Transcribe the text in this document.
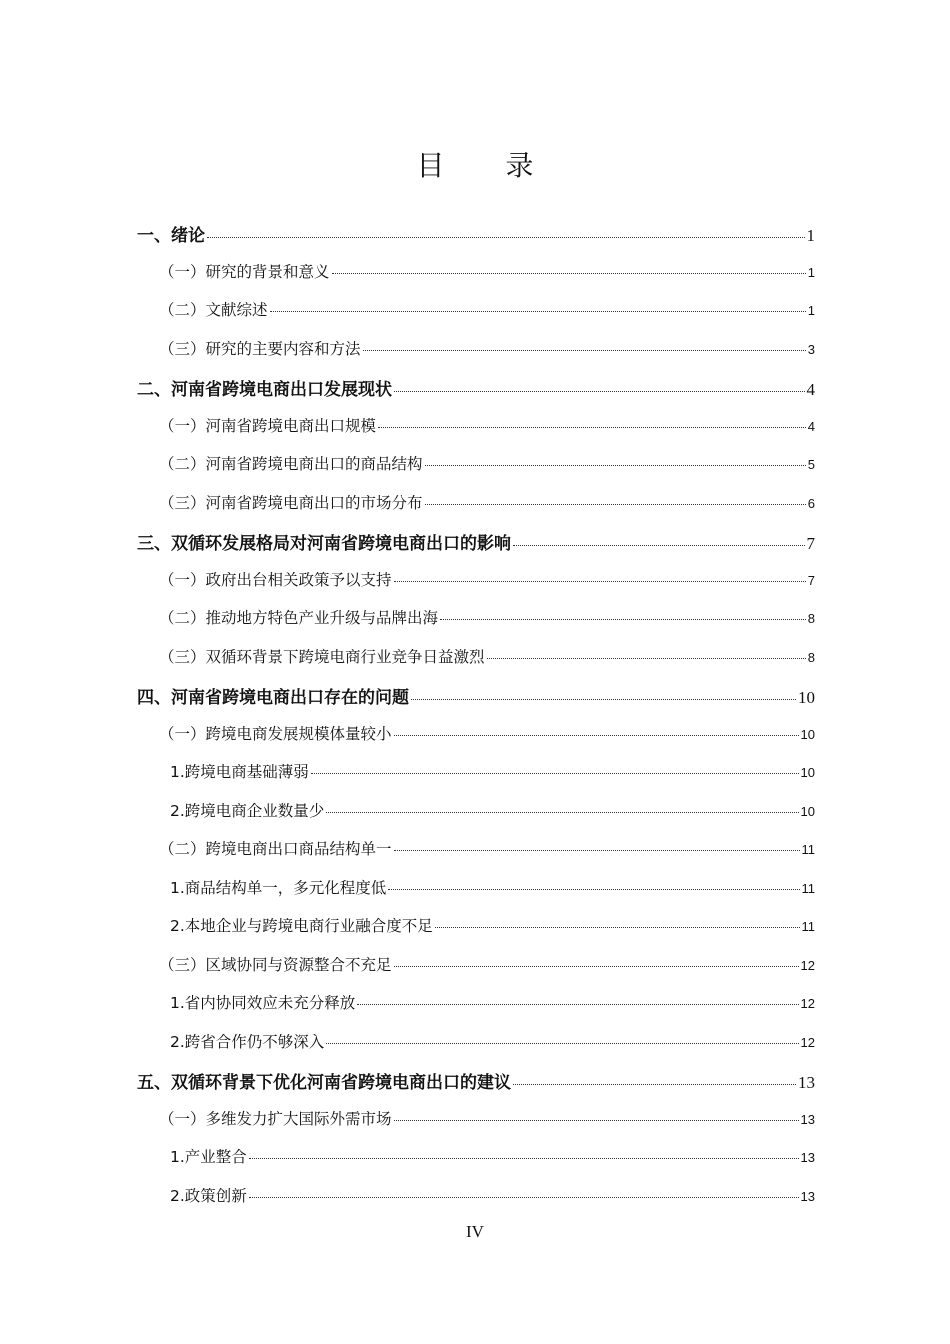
目 录
一、绪论	1
（一）研究的背景和意义	1
（二）文献综述	1
（三）研究的主要内容和方法	3
二、河南省跨境电商出口发展现状	4
（一）河南省跨境电商出口规模	4
（二）河南省跨境电商出口的商品结构	5
（三）河南省跨境电商出口的市场分布	6
三、双循环发展格局对河南省跨境电商出口的影响	7
（一）政府出台相关政策予以支持	7
（二）推动地方特色产业升级与品牌出海	8
（三）双循环背景下跨境电商行业竞争日益激烈	8
四、河南省跨境电商出口存在的问题	10
（一）跨境电商发展规模体量较小	10
1.跨境电商基础薄弱	10
2.跨境电商企业数量少	10
（二）跨境电商出口商品结构单一	11
1.商品结构单一，多元化程度低	11
2.本地企业与跨境电商行业融合度不足	11
（三）区域协同与资源整合不充足	12
1.省内协同效应未充分释放	12
2.跨省合作仍不够深入	12
五、双循环背景下优化河南省跨境电商出口的建议	13
（一）多维发力扩大国际外需市场	13
1.产业整合	13
2.政策创新	13
IV
